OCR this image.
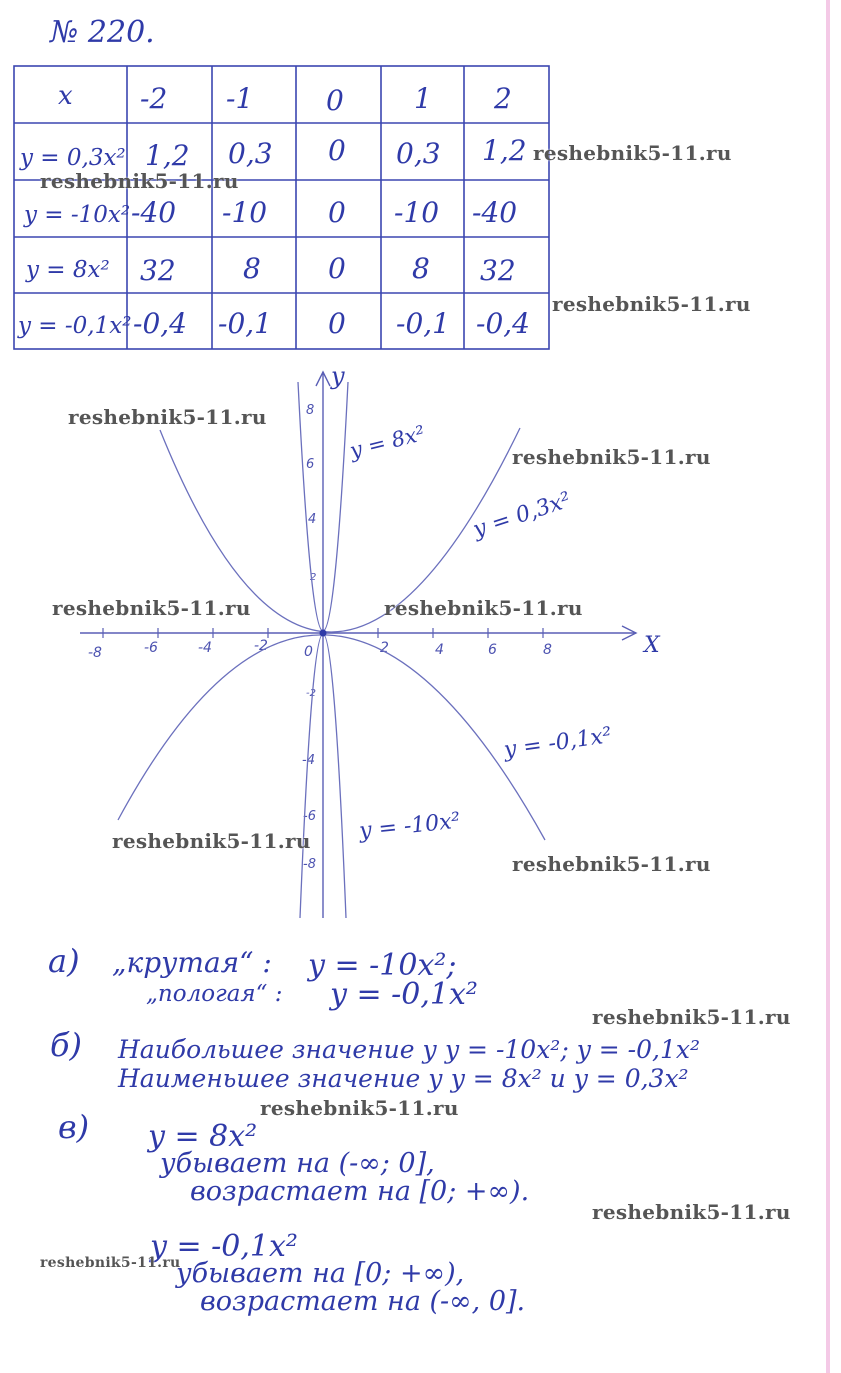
№ 220.
x -2 -1	0	1 2
y = 0,3x² 1,2 0,3 0 0,3 1,2
y = -10x² -40 -10 0 -10 -40
y = 8x² 32 8 0 8 32
y = -0,1x² -0,4 -0,1 0 -0,1 -0,4
X
y
-8	-6	-4	-2	0	2	4	6	8
8
6
4
2
-2
-4
-6
-8
y = 8x²
y = 0,3x²
y = -0,1x²
y = -10x²
а) „крутая“ : y = -10x²;
„пологая“ : y = -0,1x²
б) Наибольшее значение у y = -10x²; y = -0,1x²
Наименьшее значение у y = 8x² и y = 0,3x²
в) y = 8x²
убывает на (-∞; 0],
возрастает на [0; +∞).
y = -0,1x²
убывает на [0; +∞),
возрастает на (-∞, 0].
reshebnik5-11.ru
reshebnik5-11.ru
reshebnik5-11.ru
reshebnik5-11.ru
reshebnik5-11.ru
reshebnik5-11.ru	reshebnik5-11.ru
reshebnik5-11.ru
reshebnik5-11.ru
reshebnik5-11.ru
reshebnik5-11.ru
reshebnik5-11.ru
reshebnik5-11.ru
